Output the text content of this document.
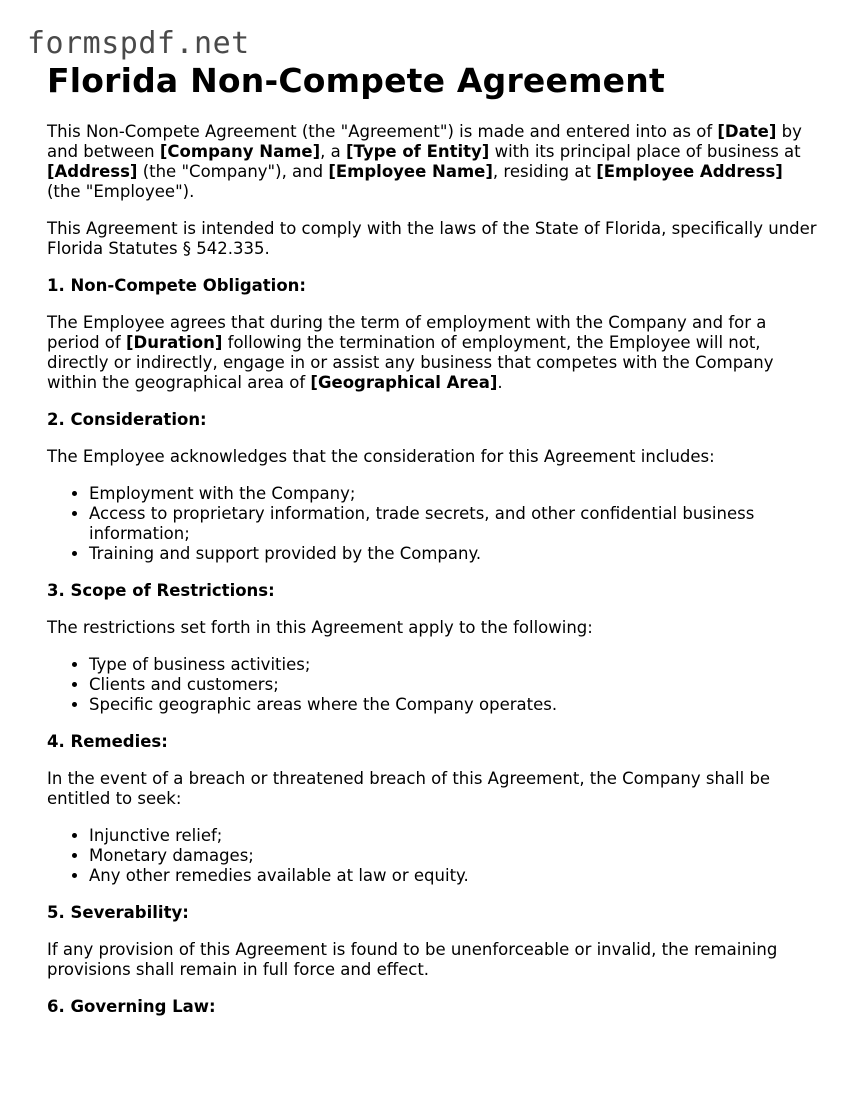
formspdf.net
Florida Non-Compete Agreement

This Non-Compete Agreement (the "Agreement") is made and entered into as of [Date] by and between [Company Name], a [Type of Entity] with its principal place of business at [Address] (the "Company"), and [Employee Name], residing at [Employee Address] (the "Employee").

This Agreement is intended to comply with the laws of the State of Florida, specifically under Florida Statutes § 542.335.

1. Non-Compete Obligation:

The Employee agrees that during the term of employment with the Company and for a period of [Duration] following the termination of employment, the Employee will not, directly or indirectly, engage in or assist any business that competes with the Company within the geographical area of [Geographical Area].

2. Consideration:

The Employee acknowledges that the consideration for this Agreement includes:

• Employment with the Company;
• Access to proprietary information, trade secrets, and other confidential business information;
• Training and support provided by the Company.
3. Scope of Restrictions:

The restrictions set forth in this Agreement apply to the following:

• Type of business activities;
• Clients and customers;
• Specific geographic areas where the Company operates.
4. Remedies:

In the event of a breach or threatened breach of this Agreement, the Company shall be entitled to seek:

• Injunctive relief;
• Monetary damages;
• Any other remedies available at law or equity.
5. Severability:

If any provision of this Agreement is found to be unenforceable or invalid, the remaining provisions shall remain in full force and effect.

6. Governing Law:
